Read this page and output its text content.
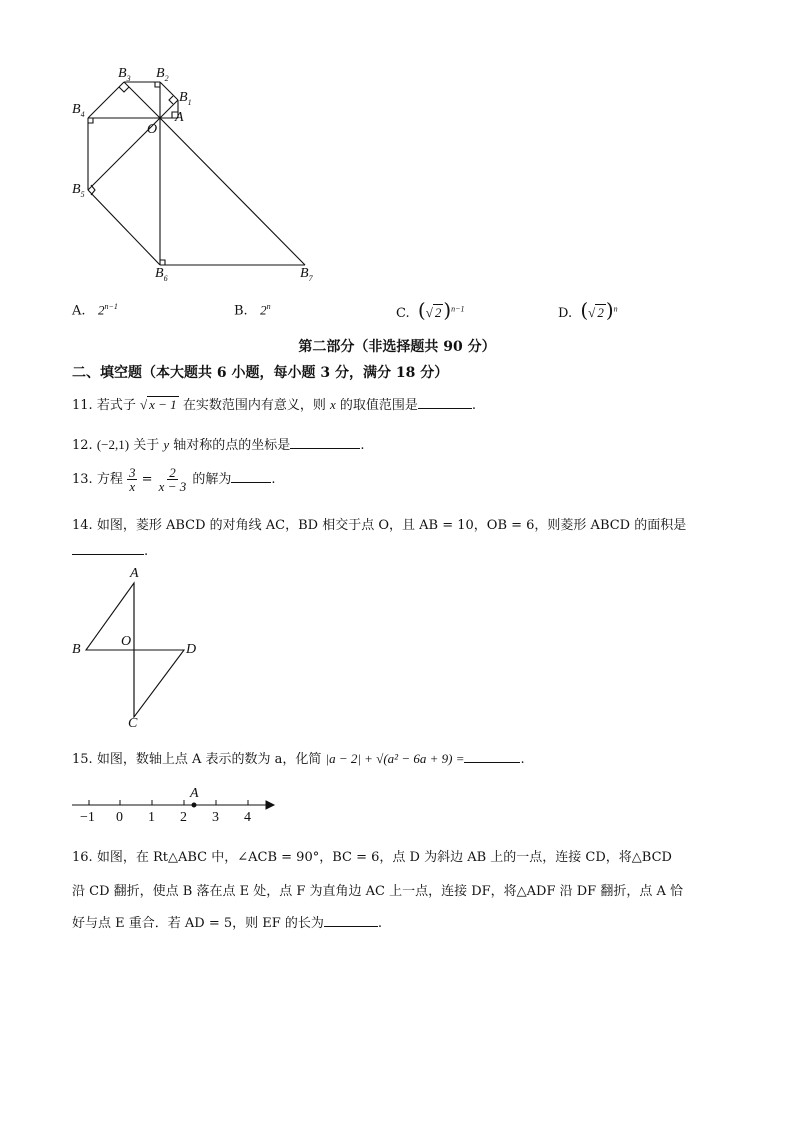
$B_3$ $B_2$
$B_1$
A
O
$B_4$
$B_5$
$B_6$	$B_7$
A. $2^{n-1}$	B. 2$^n$	C. (√ 2 )$^{n-1}$	D. (√ 2 )$^n$
第二部分（非选择题共 90 分）
二、填空题（本大题共 6 小题，每小题 3 分，满分 18 分）
11. 若式子 √ x − 1 在实数范围内有意义，则 x 的取值范围是	.
12. (−2,1) 关于 y 轴对称的点的坐标是	.
13. 方程 $\frac{3}{x} = \frac{2}{x - 3}$ 的解为	.
14. 如图，菱形 ABCD 的对角线 AC，BD 相交于点 O，且 AB = 10，OB = 6，则菱形 ABCD 的面积是
.
A
B
O
D
C
15. 如图，数轴上点 A 表示的数为 a，化简 |a − 2| + √(a² − 6a + 9) =	.
A
−1 0 1 2 3 4
16. 如图，在 Rt△ABC 中，∠ACB = 90°，BC = 6，点 D 为斜边 AB 上的一点，连接 CD，将△BCD
沿 CD 翻折，使点 B 落在点 E 处，点 F 为直角边 AC 上一点，连接 DF，将△ADF 沿 DF 翻折，点 A 恰
好与点 E 重合．若 AD = 5，则 EF 的长为	.
